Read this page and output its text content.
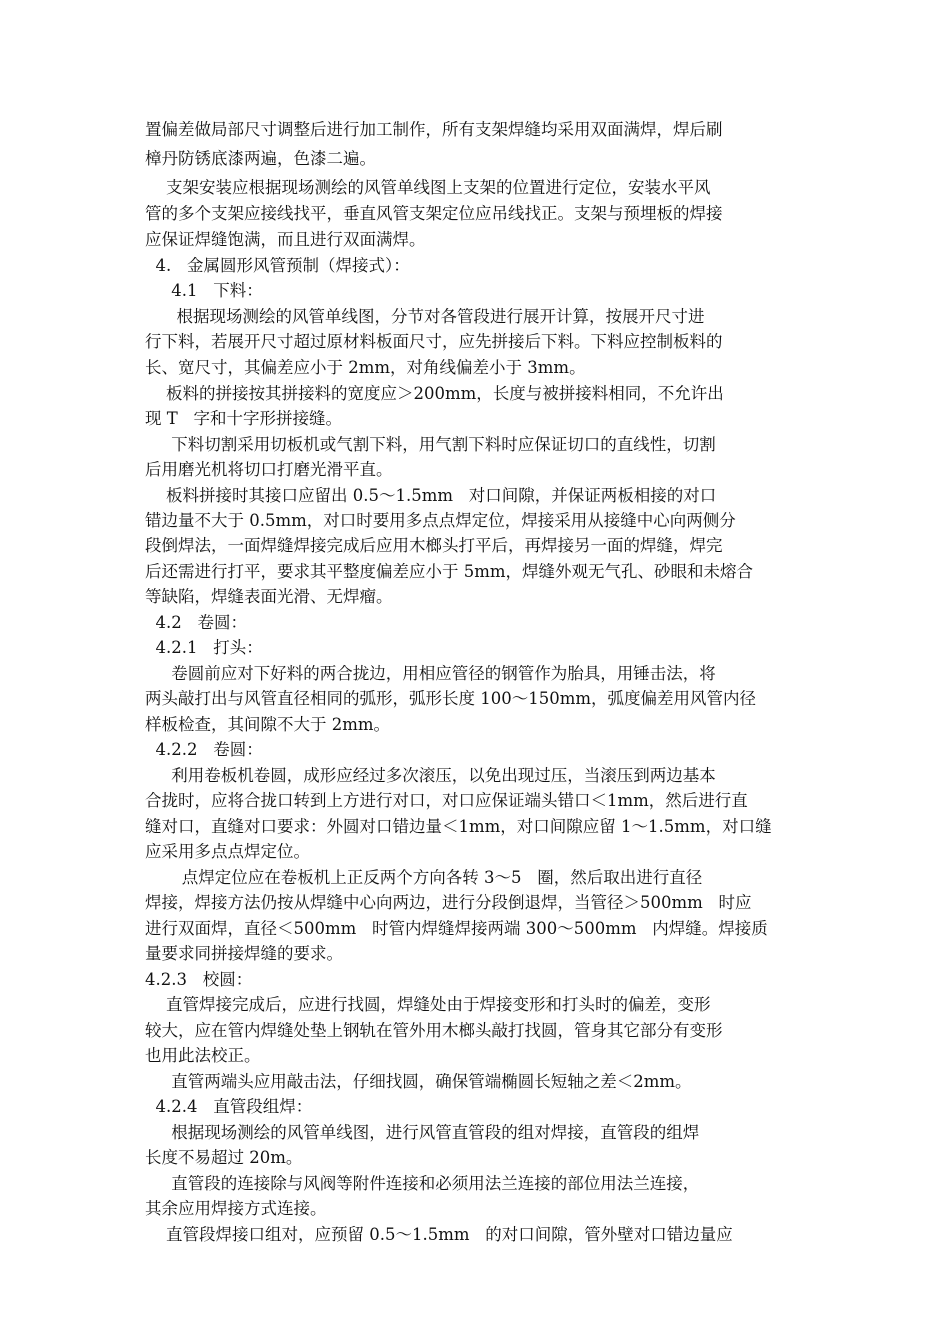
置偏差做局部尺寸调整后进行加工制作，所有支架焊缝均采用双面满焊，焊后刷
樟丹防锈底漆两遍，色漆二遍。
支架安装应根据现场测绘的风管单线图上支架的位置进行定位，安装水平风
管的多个支架应接线找平，垂直风管支架定位应吊线找正。支架与预埋板的焊接
应保证焊缝饱满，而且进行双面满焊。
4.   金属圆形风管预制（焊接式）：
4.1   下料：
根据现场测绘的风管单线图，分节对各管段进行展开计算，按展开尺寸进
行下料，若展开尺寸超过原材料板面尺寸，应先拼接后下料。下料应控制板料的
长、宽尺寸，其偏差应小于 2mm，对角线偏差小于 3mm。
板料的拼接按其拼接料的宽度应＞200mm，长度与被拼接料相同，不允许出
现 T   字和十字形拼接缝。
下料切割采用切板机或气割下料，用气割下料时应保证切口的直线性，切割
后用磨光机将切口打磨光滑平直。
板料拼接时其接口应留出 0.5～1.5mm   对口间隙，并保证两板相接的对口
错边量不大于 0.5mm，对口时要用多点点焊定位，焊接采用从接缝中心向两侧分
段倒焊法，一面焊缝焊接完成后应用木榔头打平后，再焊接另一面的焊缝，焊完
后还需进行打平，要求其平整度偏差应小于 5mm，焊缝外观无气孔、砂眼和未熔合
等缺陷，焊缝表面光滑、无焊瘤。
4.2   卷圆：
4.2.1   打头：
卷圆前应对下好料的两合拢边，用相应管径的钢管作为胎具，用锤击法，将
两头敲打出与风管直径相同的弧形，弧形长度 100～150mm，弧度偏差用风管内径
样板检查，其间隙不大于 2mm。
4.2.2   卷圆：
利用卷板机卷圆，成形应经过多次滚压，以免出现过压，当滚压到两边基本
合拢时，应将合拢口转到上方进行对口，对口应保证端头错口＜1mm，然后进行直
缝对口，直缝对口要求：外圆对口错边量＜1mm，对口间隙应留 1～1.5mm，对口缝
应采用多点点焊定位。
点焊定位应在卷板机上正反两个方向各转 3～5   圈，然后取出进行直径
焊接，焊接方法仍按从焊缝中心向两边，进行分段倒退焊，当管径＞500mm   时应
进行双面焊，直径＜500mm   时管内焊缝焊接两端 300～500mm   内焊缝。焊接质
量要求同拼接焊缝的要求。
4.2.3   校圆：
直管焊接完成后，应进行找圆，焊缝处由于焊接变形和打头时的偏差，变形
较大，应在管内焊缝处垫上钢轨在管外用木榔头敲打找圆，管身其它部分有变形
也用此法校正。
直管两端头应用敲击法，仔细找圆，确保管端椭圆长短轴之差＜2mm。
4.2.4   直管段组焊：
根据现场测绘的风管单线图，进行风管直管段的组对焊接，直管段的组焊
长度不易超过 20m。
直管段的连接除与风阀等附件连接和必须用法兰连接的部位用法兰连接，
其余应用焊接方式连接。
直管段焊接口组对，应预留 0.5～1.5mm   的对口间隙，管外壁对口错边量应
